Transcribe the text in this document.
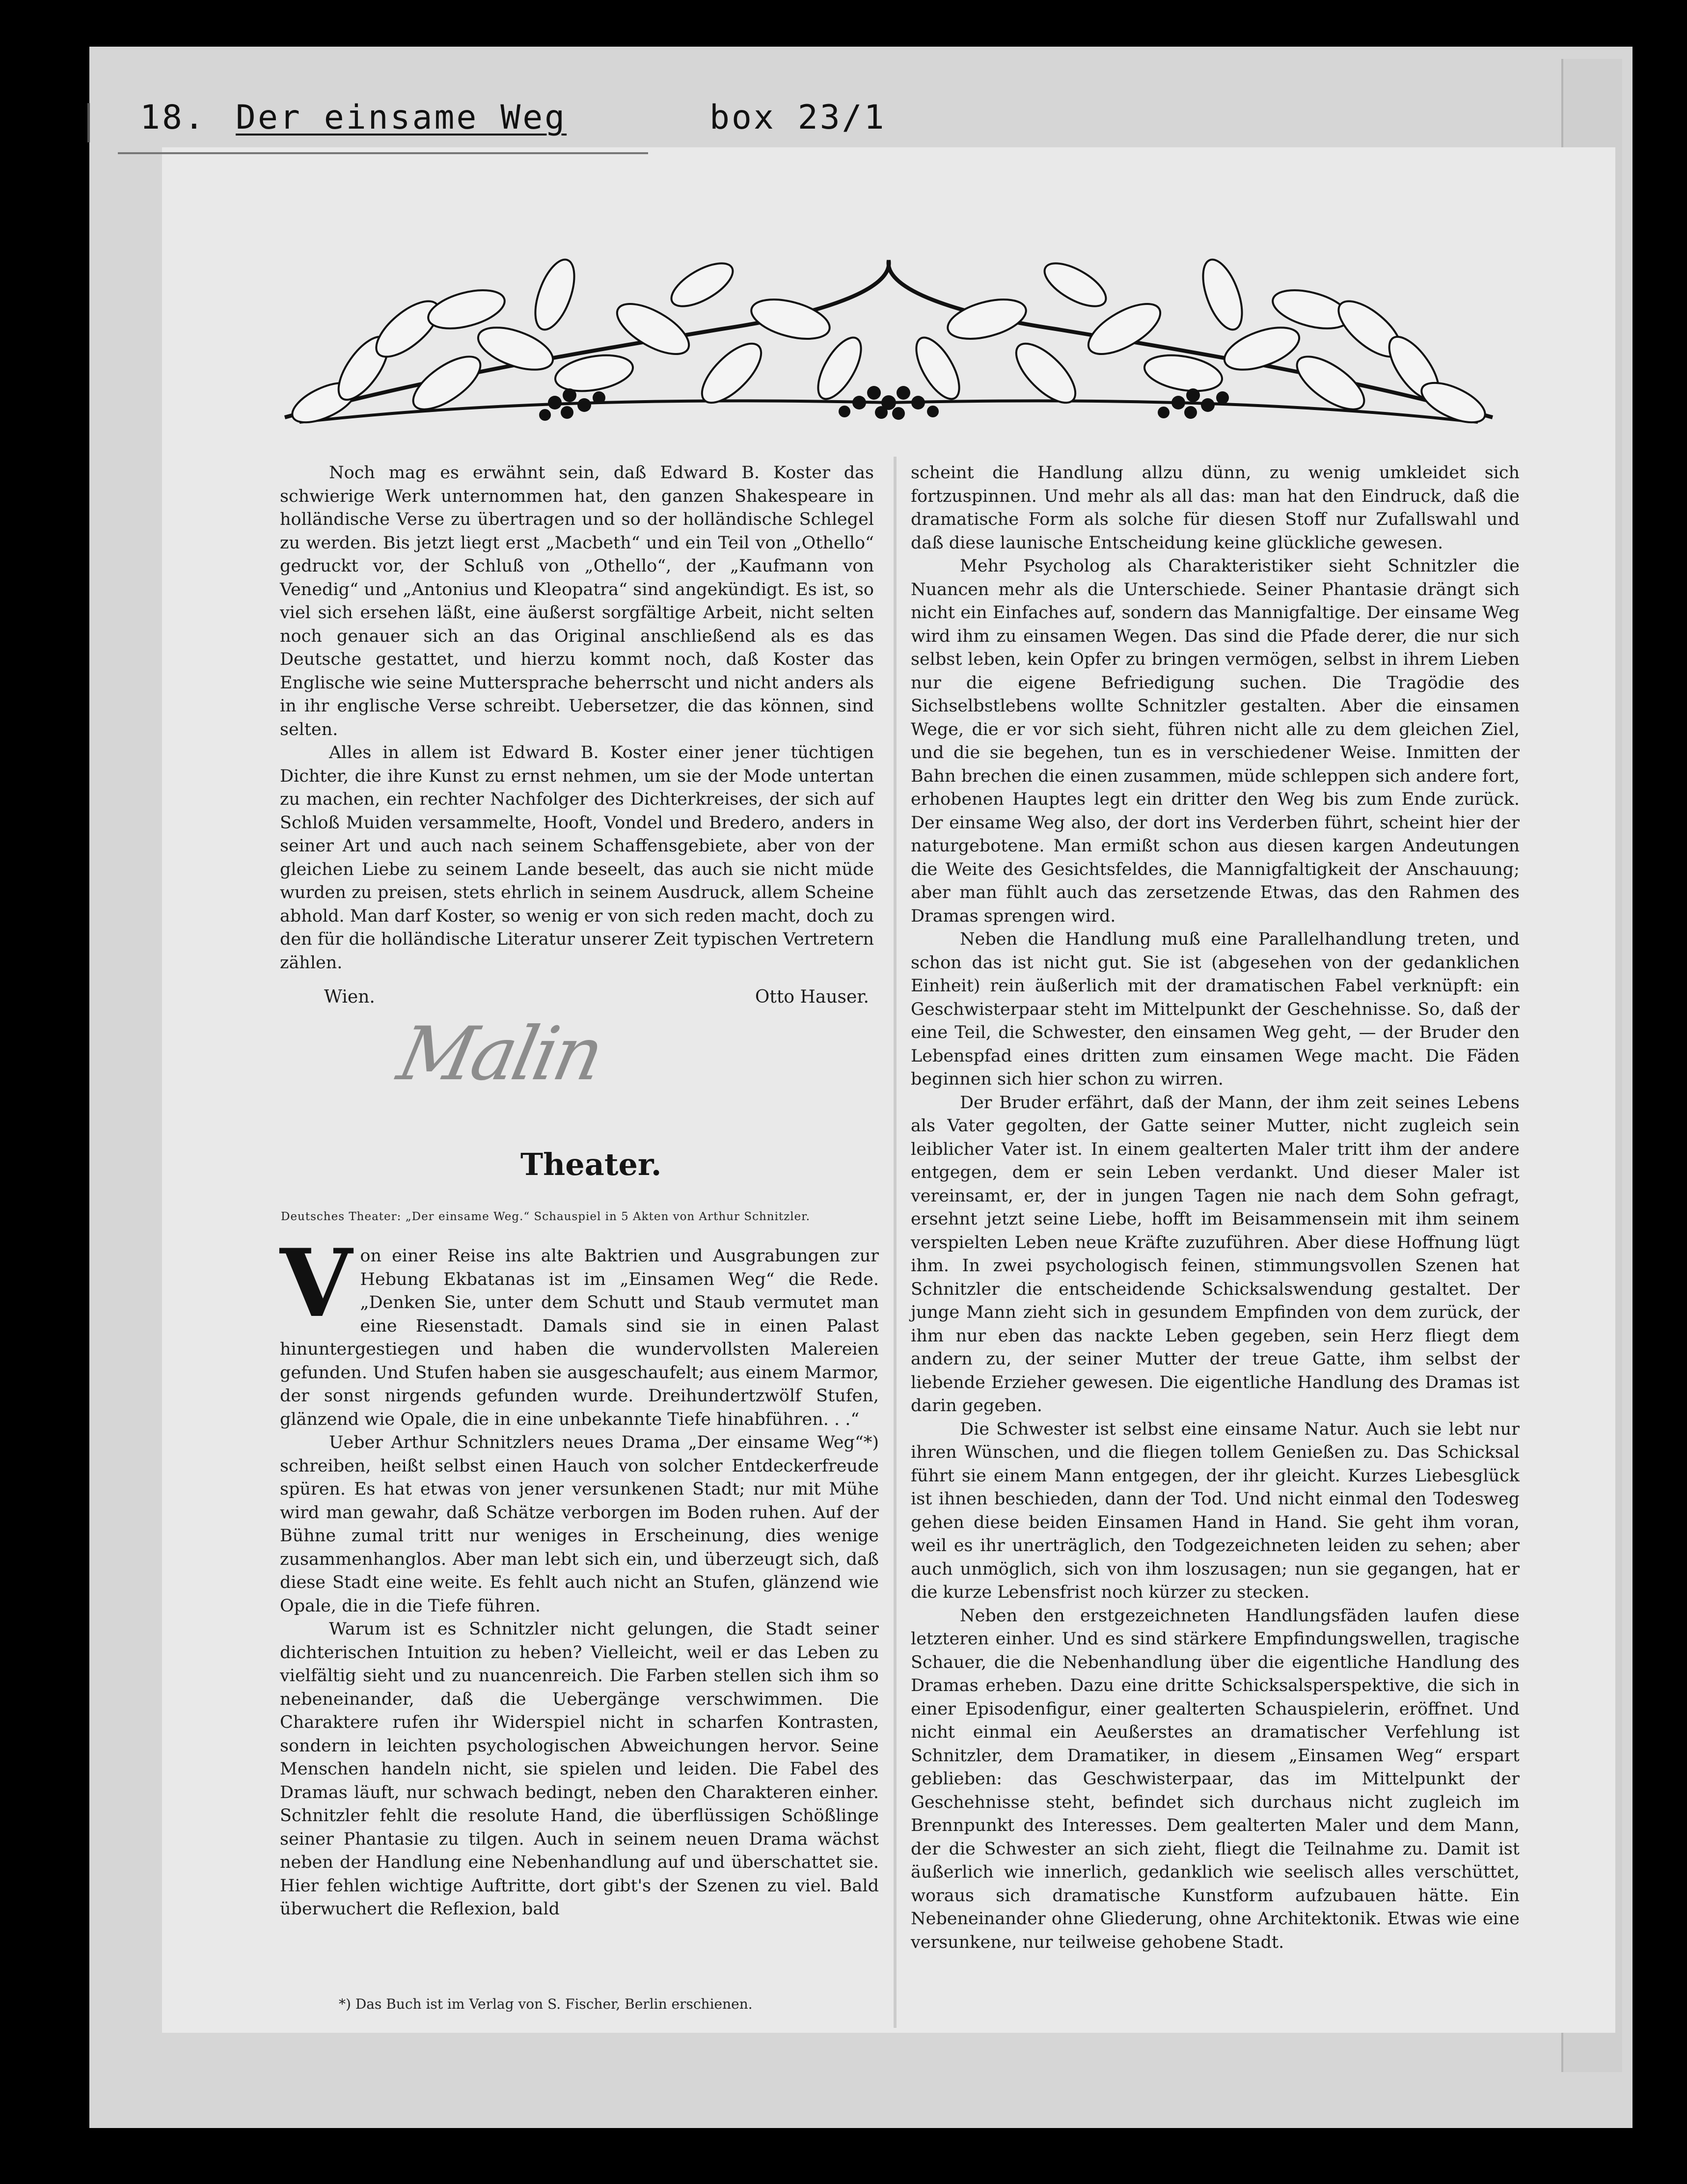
18. Der einsame Weg	box 23/1

Noch mag es erwähnt sein, daß Edward B. Koster das schwierige Werk unternommen hat, den ganzen Shakespeare in holländische Verse zu übertragen und so der holländische Schlegel zu werden. Bis jetzt liegt erst „Macbeth“ und ein Teil von „Othello“ gedruckt vor, der Schluß von „Othello“, der „Kaufmann von Venedig“ und „Antonius und Kleopatra“ sind angekündigt. Es ist, so viel sich ersehen läßt, eine äußerst sorgfältige Arbeit, nicht selten noch genauer sich an das Original anschließend als es das Deutsche gestattet, und hierzu kommt noch, daß Koster das Englische wie seine Muttersprache beherrscht und nicht anders als in ihr englische Verse schreibt. Uebersetzer, die das können, sind selten.

Alles in allem ist Edward B. Koster einer jener tüchtigen Dichter, die ihre Kunst zu ernst nehmen, um sie der Mode untertan zu machen, ein rechter Nachfolger des Dichterkreises, der sich auf Schloß Muiden versammelte, Hooft, Vondel und Bredero, anders in seiner Art und auch nach seinem Schaffensgebiete, aber von der gleichen Liebe zu seinem Lande beseelt, das auch sie nicht müde wurden zu preisen, stets ehrlich in seinem Ausdruck, allem Scheine abhold. Man darf Koster, so wenig er von sich reden macht, doch zu den für die holländische Literatur unserer Zeit typischen Vertretern zählen.

Wien.	Otto Hauser.
Malin
Theater.
Deutsches Theater: „Der einsame Weg.“ Schauspiel in 5 Akten von Arthur Schnitzler.

Von einer Reise ins alte Baktrien und Ausgrabungen zur Hebung Ekbatanas ist im „Einsamen Weg“ die Rede. „Denken Sie, unter dem Schutt und Staub vermutet man eine Riesenstadt. Damals sind sie in einen Palast hinuntergestiegen und haben die wundervollsten Malereien gefunden. Und Stufen haben sie ausgeschaufelt; aus einem Marmor, der sonst nirgends gefunden wurde. Dreihundertzwölf Stufen, glänzend wie Opale, die in eine unbekannte Tiefe hinabführen. . .“

Ueber Arthur Schnitzlers neues Drama „Der einsame Weg“*) schreiben, heißt selbst einen Hauch von solcher Entdeckerfreude spüren. Es hat etwas von jener versunkenen Stadt; nur mit Mühe wird man gewahr, daß Schätze verborgen im Boden ruhen. Auf der Bühne zumal tritt nur weniges in Erscheinung, dies wenige zusammenhanglos. Aber man lebt sich ein, und überzeugt sich, daß diese Stadt eine weite. Es fehlt auch nicht an Stufen, glänzend wie Opale, die in die Tiefe führen.

Warum ist es Schnitzler nicht gelungen, die Stadt seiner dichterischen Intuition zu heben? Vielleicht, weil er das Leben zu vielfältig sieht und zu nuancenreich. Die Farben stellen sich ihm so nebeneinander, daß die Uebergänge verschwimmen. Die Charaktere rufen ihr Widerspiel nicht in scharfen Kontrasten, sondern in leichten psychologischen Abweichungen hervor. Seine Menschen handeln nicht, sie spielen und leiden. Die Fabel des Dramas läuft, nur schwach bedingt, neben den Charakteren einher. Schnitzler fehlt die resolute Hand, die überflüssigen Schößlinge seiner Phantasie zu tilgen. Auch in seinem neuen Drama wächst neben der Handlung eine Nebenhandlung auf und überschattet sie. Hier fehlen wichtige Auftritte, dort gibt's der Szenen zu viel. Bald überwuchert die Reflexion, bald

*) Das Buch ist im Verlag von S. Fischer, Berlin erschienen.

scheint die Handlung allzu dünn, zu wenig umkleidet sich fortzuspinnen. Und mehr als all das: man hat den Eindruck, daß die dramatische Form als solche für diesen Stoff nur Zufallswahl und daß diese launische Entscheidung keine glückliche gewesen.

Mehr Psycholog als Charakteristiker sieht Schnitzler die Nuancen mehr als die Unterschiede. Seiner Phantasie drängt sich nicht ein Einfaches auf, sondern das Mannigfaltige. Der einsame Weg wird ihm zu einsamen Wegen. Das sind die Pfade derer, die nur sich selbst leben, kein Opfer zu bringen vermögen, selbst in ihrem Lieben nur die eigene Befriedigung suchen. Die Tragödie des Sichselbstlebens wollte Schnitzler gestalten. Aber die einsamen Wege, die er vor sich sieht, führen nicht alle zu dem gleichen Ziel, und die sie begehen, tun es in verschiedener Weise. Inmitten der Bahn brechen die einen zusammen, müde schleppen sich andere fort, erhobenen Hauptes legt ein dritter den Weg bis zum Ende zurück. Der einsame Weg also, der dort ins Verderben führt, scheint hier der naturgebotene. Man ermißt schon aus diesen kargen Andeutungen die Weite des Gesichtsfeldes, die Mannigfaltigkeit der Anschauung; aber man fühlt auch das zersetzende Etwas, das den Rahmen des Dramas sprengen wird.

Neben die Handlung muß eine Parallelhandlung treten, und schon das ist nicht gut. Sie ist (abgesehen von der gedanklichen Einheit) rein äußerlich mit der dramatischen Fabel verknüpft: ein Geschwisterpaar steht im Mittelpunkt der Geschehnisse. So, daß der eine Teil, die Schwester, den einsamen Weg geht, — der Bruder den Lebenspfad eines dritten zum einsamen Wege macht. Die Fäden beginnen sich hier schon zu wirren.

Der Bruder erfährt, daß der Mann, der ihm zeit seines Lebens als Vater gegolten, der Gatte seiner Mutter, nicht zugleich sein leiblicher Vater ist. In einem gealterten Maler tritt ihm der andere entgegen, dem er sein Leben verdankt. Und dieser Maler ist vereinsamt, er, der in jungen Tagen nie nach dem Sohn gefragt, ersehnt jetzt seine Liebe, hofft im Beisammensein mit ihm seinem verspielten Leben neue Kräfte zuzuführen. Aber diese Hoffnung lügt ihm. In zwei psychologisch feinen, stimmungsvollen Szenen hat Schnitzler die entscheidende Schicksalswendung gestaltet. Der junge Mann zieht sich in gesundem Empfinden von dem zurück, der ihm nur eben das nackte Leben gegeben, sein Herz fliegt dem andern zu, der seiner Mutter der treue Gatte, ihm selbst der liebende Erzieher gewesen. Die eigentliche Handlung des Dramas ist darin gegeben.

Die Schwester ist selbst eine einsame Natur. Auch sie lebt nur ihren Wünschen, und die fliegen tollem Genießen zu. Das Schicksal führt sie einem Mann entgegen, der ihr gleicht. Kurzes Liebesglück ist ihnen beschieden, dann der Tod. Und nicht einmal den Todesweg gehen diese beiden Einsamen Hand in Hand. Sie geht ihm voran, weil es ihr unerträglich, den Todgezeichneten leiden zu sehen; aber auch unmöglich, sich von ihm loszusagen; nun sie gegangen, hat er die kurze Lebensfrist noch kürzer zu stecken.

Neben den erstgezeichneten Handlungsfäden laufen diese letzteren einher. Und es sind stärkere Empfindungswellen, tragische Schauer, die die Nebenhandlung über die eigentliche Handlung des Dramas erheben. Dazu eine dritte Schicksalsperspektive, die sich in einer Episodenfigur, einer gealterten Schauspielerin, eröffnet. Und nicht einmal ein Aeußerstes an dramatischer Verfehlung ist Schnitzler, dem Dramatiker, in diesem „Einsamen Weg“ erspart geblieben: das Geschwisterpaar, das im Mittelpunkt der Geschehnisse steht, befindet sich durchaus nicht zugleich im Brennpunkt des Interesses. Dem gealterten Maler und dem Mann, der die Schwester an sich zieht, fliegt die Teilnahme zu. Damit ist äußerlich wie innerlich, gedanklich wie seelisch alles verschüttet, woraus sich dramatische Kunstform aufzubauen hätte. Ein Nebeneinander ohne Gliederung, ohne Architektonik. Etwas wie eine versunkene, nur teilweise gehobene Stadt.
